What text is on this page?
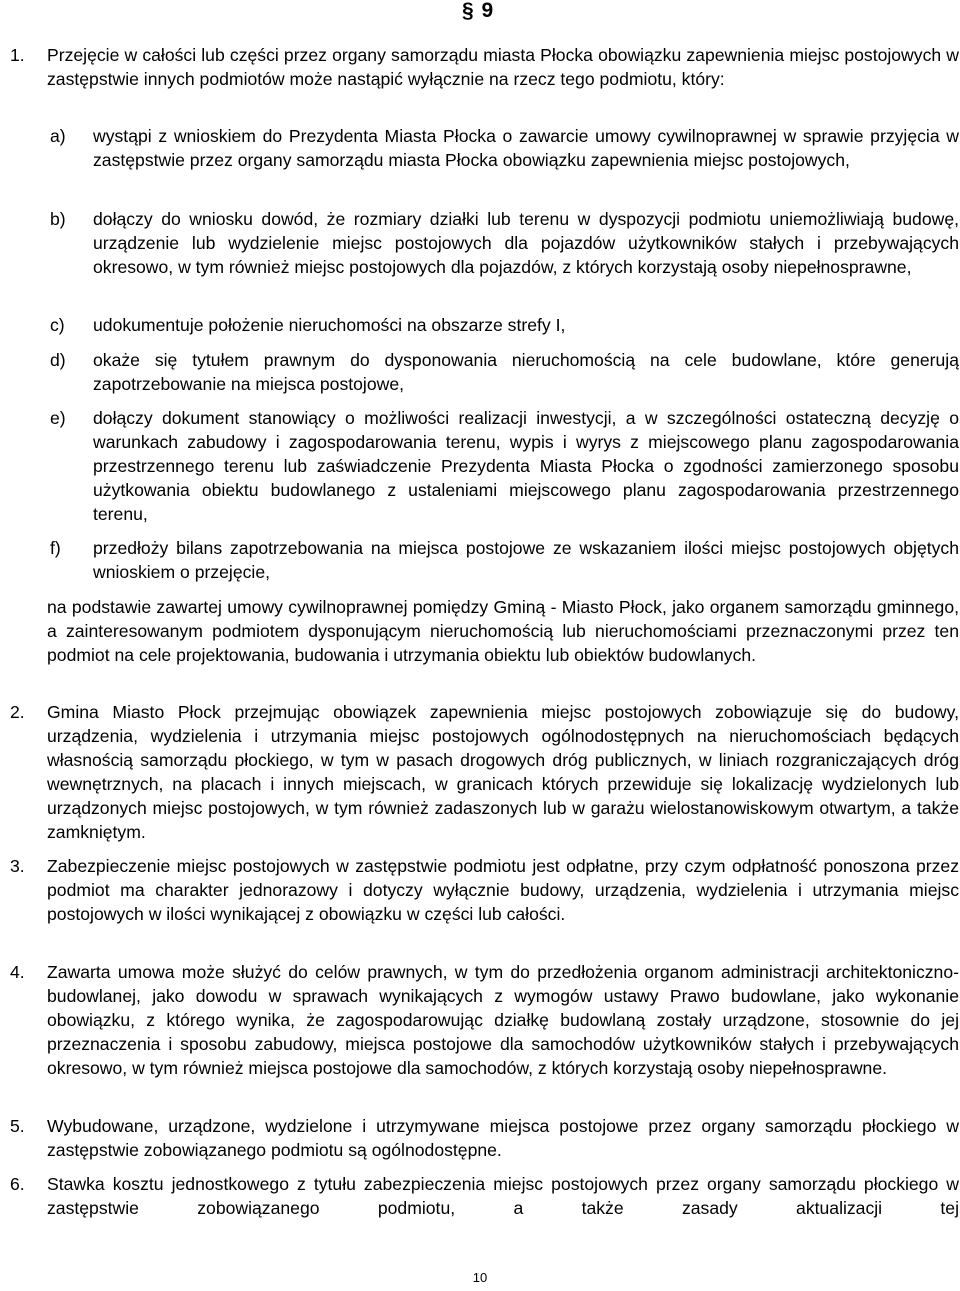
§ 9
1. Przejęcie w całości lub części przez organy samorządu miasta Płocka obowiązku zapewnienia miejsc postojowych w zastępstwie innych podmiotów może nastąpić wyłącznie na rzecz tego podmiotu, który:
a) wystąpi z wnioskiem do Prezydenta Miasta Płocka o zawarcie umowy cywilnoprawnej w sprawie przyjęcia w zastępstwie przez organy samorządu miasta Płocka obowiązku zapewnienia miejsc postojowych,
b) dołączy do wniosku dowód, że rozmiary działki lub terenu w dyspozycji podmiotu uniemożliwiają budowę, urządzenie lub wydzielenie miejsc postojowych dla pojazdów użytkowników stałych i przebywających okresowo, w tym również miejsc postojowych dla pojazdów, z których korzystają osoby niepełnosprawne,
c) udokumentuje położenie nieruchomości na obszarze strefy I,
d) okaże się tytułem prawnym do dysponowania nieruchomością na cele budowlane, które generują zapotrzebowanie na miejsca postojowe,
e) dołączy dokument stanowiący o możliwości realizacji inwestycji, a w szczególności ostateczną decyzję o warunkach zabudowy i zagospodarowania terenu, wypis i wyrys z miejscowego planu zagospodarowania przestrzennego terenu lub zaświadczenie Prezydenta Miasta Płocka o zgodności zamierzonego sposobu użytkowania obiektu budowlanego z ustaleniami miejscowego planu zagospodarowania przestrzennego terenu,
f) przedłoży bilans zapotrzebowania na miejsca postojowe ze wskazaniem ilości miejsc postojowych objętych wnioskiem o przejęcie,
na podstawie zawartej umowy cywilnoprawnej pomiędzy Gminą - Miasto Płock, jako organem samorządu gminnego, a zainteresowanym podmiotem dysponującym nieruchomością lub nieruchomościami przeznaczonymi przez ten podmiot na cele projektowania, budowania i utrzymania obiektu lub obiektów budowlanych.
2. Gmina Miasto Płock przejmując obowiązek zapewnienia miejsc postojowych zobowiązuje się do budowy, urządzenia, wydzielenia i utrzymania miejsc postojowych ogólnodostępnych na nieruchomościach będących własnością samorządu płockiego, w tym w pasach drogowych dróg publicznych, w liniach rozgraniczających dróg wewnętrznych, na placach i innych miejscach, w granicach których przewiduje się lokalizację wydzielonych lub urządzonych miejsc postojowych, w tym również zadaszonych lub w garażu wielostanowiskowym otwartym, a także zamkniętym.
3. Zabezpieczenie miejsc postojowych w zastępstwie podmiotu jest odpłatne, przy czym odpłatność ponoszona przez podmiot ma charakter jednorazowy i dotyczy wyłącznie budowy, urządzenia, wydzielenia i utrzymania miejsc postojowych w ilości wynikającej z obowiązku w części lub całości.
4. Zawarta umowa może służyć do celów prawnych, w tym do przedłożenia organom administracji architektoniczno-budowlanej, jako dowodu w sprawach wynikających z wymogów ustawy Prawo budowlane, jako wykonanie obowiązku, z którego wynika, że zagospodarowując działkę budowlaną zostały urządzone, stosownie do jej przeznaczenia i sposobu zabudowy, miejsca postojowe dla samochodów użytkowników stałych i przebywających okresowo, w tym również miejsca postojowe dla samochodów, z których korzystają osoby niepełnosprawne.
5. Wybudowane, urządzone, wydzielone i utrzymywane miejsca postojowe przez organy samorządu płockiego w zastępstwie zobowiązanego podmiotu są ogólnodostępne.
6. Stawka kosztu jednostkowego z tytułu zabezpieczenia miejsc postojowych przez organy samorządu płockiego w zastępstwie zobowiązanego podmiotu, a także zasady aktualizacji tej
10
